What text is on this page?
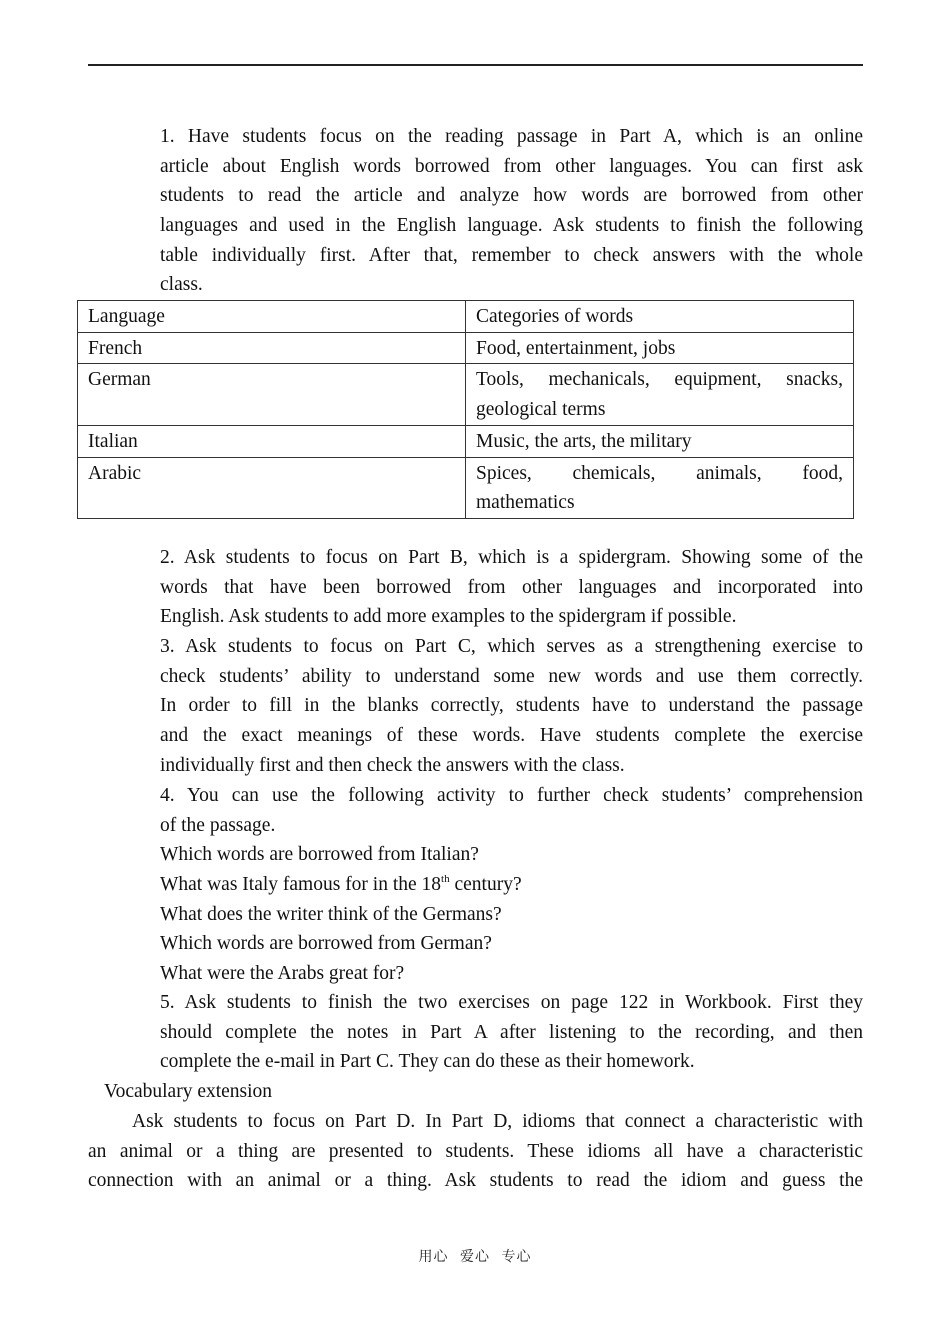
1. Have students focus on the reading passage in Part A, which is an online
article about English words borrowed from other languages. You can first ask
students to read the article and analyze how words are borrowed from other
languages and used in the English language. Ask students to finish the following
table individually first. After that, remember to check answers with the whole
class.
Language	Categories of words
French	Food, entertainment, jobs

German	Tools, mechanicals, equipment, snacks,
geological terms

Italian	Music, the arts, the military

Arabic	Spices, chemicals, animals, food,
mathematics
2. Ask students to focus on Part B, which is a spidergram. Showing some of the
words that have been borrowed from other languages and incorporated into
English. Ask students to add more examples to the spidergram if possible.
3. Ask students to focus on Part C, which serves as a strengthening exercise to
check students’ ability to understand some new words and use them correctly.
In order to fill in the blanks correctly, students have to understand the passage
and the exact meanings of these words. Have students complete the exercise
individually first and then check the answers with the class.
4. You can use the following activity to further check students’ comprehension
of the passage.
Which words are borrowed from Italian?
What was Italy famous for in the 18th century?
What does the writer think of the Germans?
Which words are borrowed from German?
What were the Arabs great for?
5. Ask students to finish the two exercises on page 122 in Workbook. First they
should complete the notes in Part A after listening to the recording, and then
complete the e-mail in Part C. They can do these as their homework.
Vocabulary extension
Ask students to focus on Part D. In Part D, idioms that connect a characteristic with
an animal or a thing are presented to students. These idioms all have a characteristic
connection with an animal or a thing. Ask students to read the idiom and guess the
用心 爱心 专心
